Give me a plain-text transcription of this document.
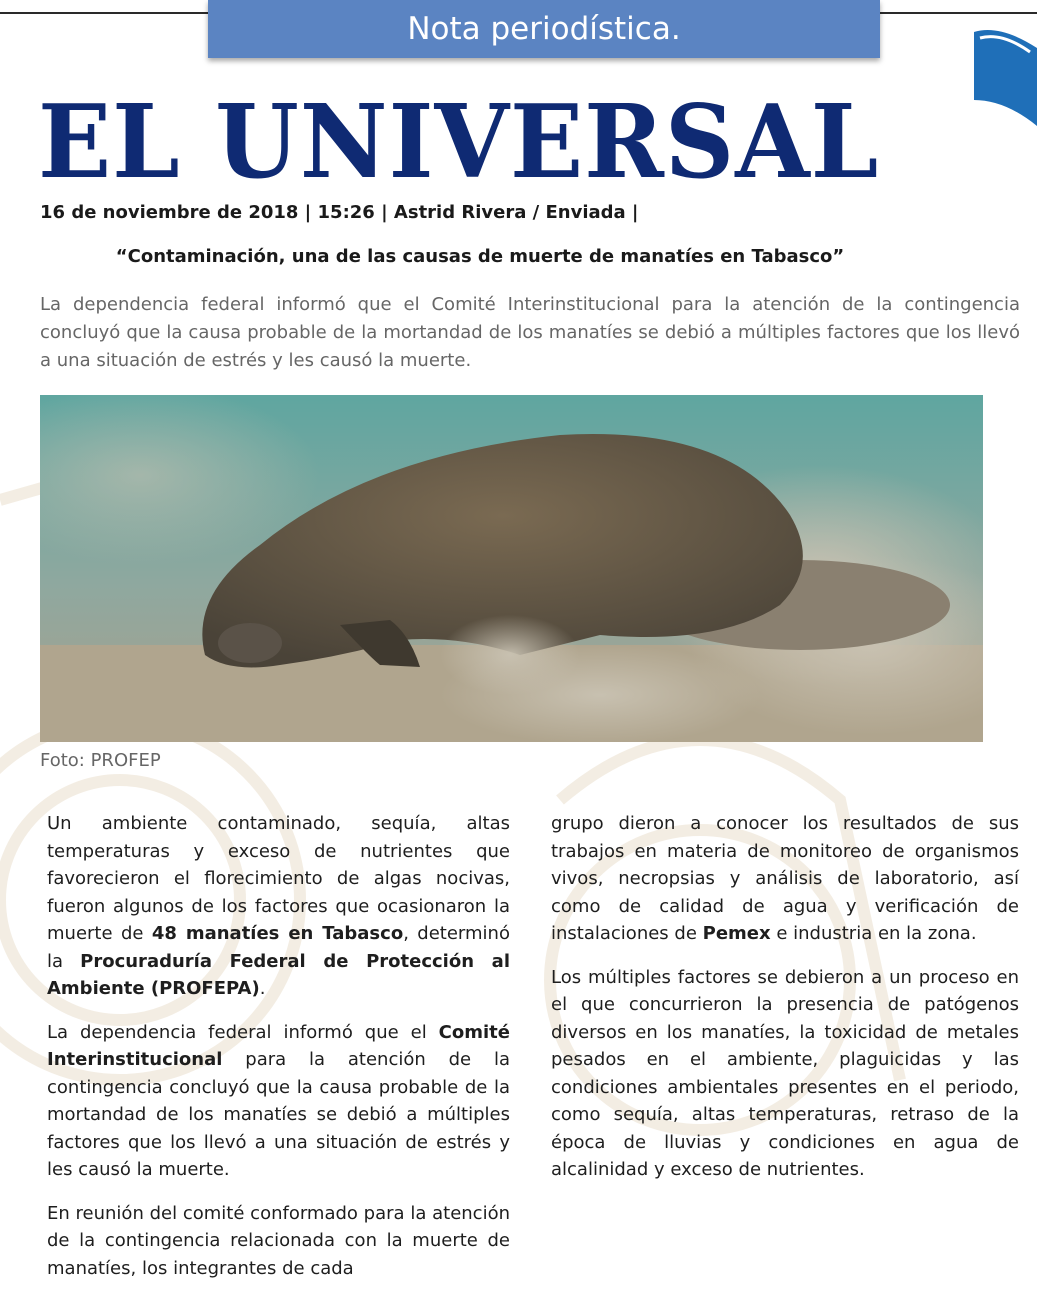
Nota periodística.
EL UNIVERSAL

16 de noviembre de 2018 | 15:26 | Astrid Rivera / Enviada |

“Contaminación, una de las causas de muerte de manatíes en Tabasco”

La dependencia federal informó que el Comité Interinstitucional para la atención de la contingencia concluyó que la causa probable de la mortandad de los manatíes se debió a múltiples factores que los llevó a una situación de estrés y les causó la muerte.

Foto: PROFEP

Un ambiente contaminado, sequía, altas temperaturas y exceso de nutrientes que favorecieron el florecimiento de algas nocivas, fueron algunos de los factores que ocasionaron la muerte de 48 manatíes en Tabasco, determinó la Procuraduría Federal de Protección al Ambiente (PROFEPA).

La dependencia federal informó que el Comité Interinstitucional para la atención de la contingencia concluyó que la causa probable de la mortandad de los manatíes se debió a múltiples factores que los llevó a una situación de estrés y les causó la muerte.

En reunión del comité conformado para la atención de la contingencia relacionada con la muerte de manatíes, los integrantes de cada

grupo dieron a conocer los resultados de sus trabajos en materia de monitoreo de organismos vivos, necropsias y análisis de laboratorio, así como de calidad de agua y verificación de instalaciones de Pemex e industria en la zona.

Los múltiples factores se debieron a un proceso en el que concurrieron la presencia de patógenos diversos en los manatíes, la toxicidad de metales pesados en el ambiente, plaguicidas y las condiciones ambientales presentes en el periodo, como sequía, altas temperaturas, retraso de la época de lluvias y condiciones en agua de alcalinidad y exceso de nutrientes.
